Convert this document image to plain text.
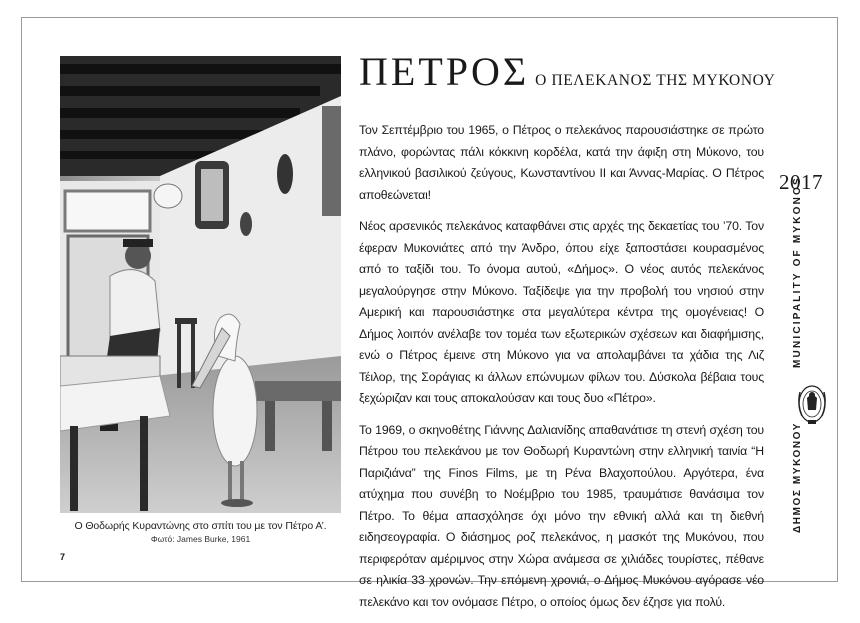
Ο Θοδωρής Κυραντώνης στο σπίτι του με τον Πέτρο Α’.
Φωτό: James Burke, 1961
7
ΠΕΤΡΟΣ Ο ΠΕΛΕΚΑΝΟΣ ΤΗΣ ΜΥΚΟΝΟΥ

Τον Σεπτέμβριο του 1965, ο Πέτρος ο πελεκάνος παρουσιάστηκε σε πρώτο πλάνο, φορώντας πάλι κόκκινη κορδέλα, κατά την άφιξη στη Μύκονο, του ελληνικού βασιλικού ζεύγους, Κωνσταντίνου ΙΙ και Άννας-Μαρίας. Ο Πέτρος αποθεώνεται!

Νέος αρσενικός πελεκάνος καταφθάνει στις αρχές της δεκαετίας του ’70. Τον έφεραν Μυκονιάτες από την Άνδρο, όπου είχε ξαποστάσει κουρασμένος από το ταξίδι του. Το όνομα αυτού, «Δήμος». Ο νέος αυτός πελεκάνος μεγαλούργησε στην Μύκονο. Ταξίδεψε για την προβολή του νησιού στην Αμερική και παρουσιάστηκε στα μεγαλύτερα κέντρα της ομογένειας! Ο Δήμος λοιπόν ανέλαβε τον τομέα των εξωτερικών σχέσεων και διαφήμισης, ενώ ο Πέτρος έμεινε στη Μύκονο για να απολαμβάνει τα χάδια της Λιζ Τέιλορ, της Σοράγιας κι άλλων επώνυμων φίλων του. Δύσκολα βέβαια τους ξεχώριζαν και τους αποκαλούσαν και τους δυο «Πέτρο».

Το 1969, ο σκηνοθέτης Γιάννης Δαλιανίδης απαθανάτισε τη στενή σχέση του Πέτρου του πελεκάνου με τον Θοδωρή Κυραντώνη στην ελληνική ταινία “Η Παριζιάνα” της Finos Films, με τη Ρένα Βλαχοπούλου. Αργότερα, ένα ατύχημα που συνέβη το Νοέμβριο του 1985, τραυμάτισε θανάσιμα τον Πέτρο. Το θέμα απασχόλησε όχι μόνο την εθνική αλλά και τη διεθνή ειδησεογραφία. Ο διάσημος ροζ πελεκάνος, η μασκότ της Μυκόνου, που περιφερόταν αμέριμνος στην Χώρα ανάμεσα σε χιλιάδες τουρίστες, πέθανε σε ηλικία 33 χρονών. Την επόμενη χρονιά, ο Δήμος Μυκόνου αγόρασε νέο πελεκάνο και τον ονόμασε Πέτρο, ο οποίος όμως δεν έζησε για πολύ.

2017
MUNICIPALITY OF MYKONOS
ΔΗΜΟΣ ΜΥΚΟΝΟΥ
